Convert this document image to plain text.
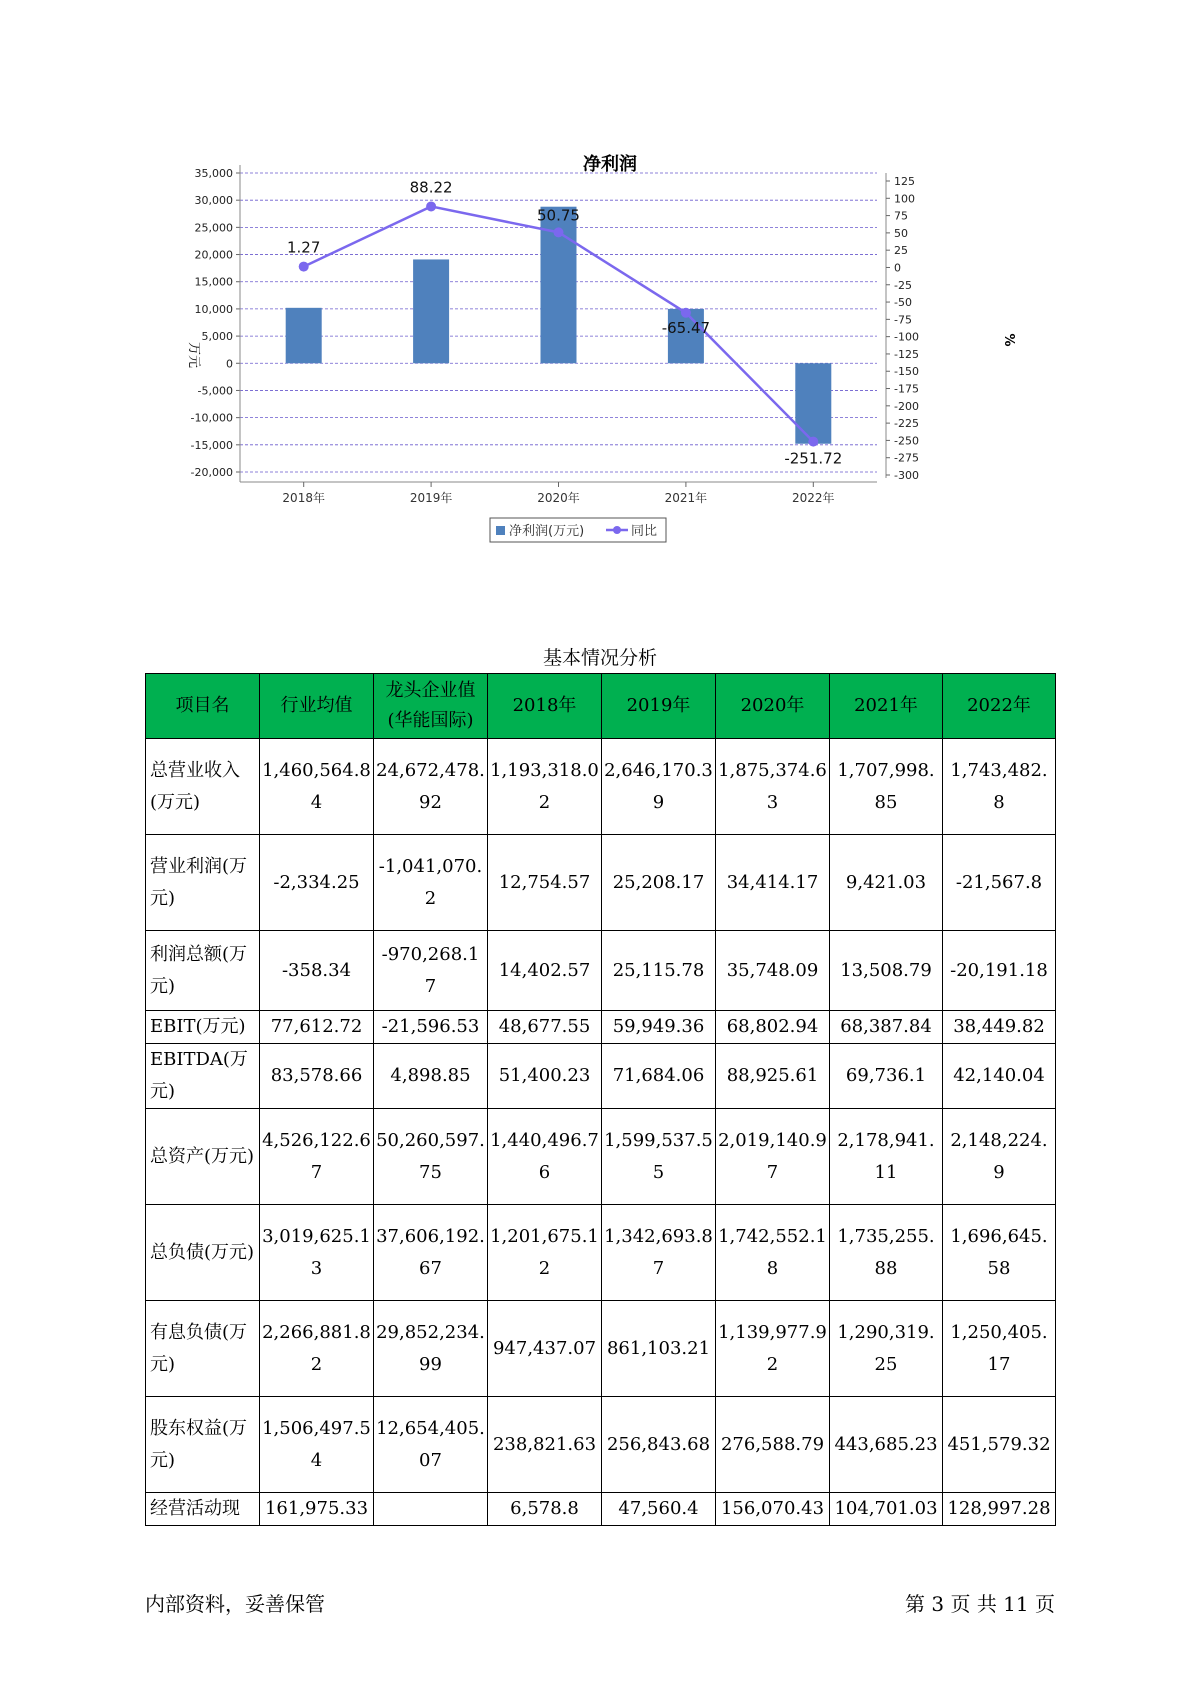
净利润
35,000
30,000
25,000
20,000
15,000
10,000
5,000
0
-5,000
-10,000
-15,000
-20,000
125
100
75
50
25
0
-25
-50
-75
-100
-125
-150
-175
-200
-225
-250
-275
-300
2018年	2019年	2020年	2021年	2022年
1.27
88.22
50.75
-65.47
-251.72
万元
%
净利润(万元)	同比
基本情况分析
项目名	行业均值	龙头企业值(华能国际)	2018年	2019年	2020年	2021年	2022年
总营业收入(万元)	1,460,564.84	24,672,478.92	1,193,318.02	2,646,170.39	1,875,374.63	1,707,998.85	1,743,482.8
营业利润(万元)	-2,334.25	-1,041,070.2	12,754.57	25,208.17	34,414.17	9,421.03	-21,567.8
利润总额(万元)	-358.34	-970,268.17	14,402.57	25,115.78	35,748.09	13,508.79	-20,191.18
EBIT(万元)	77,612.72	-21,596.53	48,677.55	59,949.36	68,802.94	68,387.84	38,449.82
EBITDA(万元)	83,578.66	4,898.85	51,400.23	71,684.06	88,925.61	69,736.1	42,140.04
总资产(万元)	4,526,122.67	50,260,597.75	1,440,496.76	1,599,537.55	2,019,140.97	2,178,941.11	2,148,224.9
总负债(万元)	3,019,625.13	37,606,192.67	1,201,675.12	1,342,693.87	1,742,552.18	1,735,255.88	1,696,645.58
有息负债(万元)	2,266,881.82	29,852,234.99	947,437.07	861,103.21	1,139,977.92	1,290,319.25	1,250,405.17
股东权益(万元)	1,506,497.54	12,654,405.07	238,821.63	256,843.68	276,588.79	443,685.23	451,579.32
经营活动现	161,975.33		6,578.8	47,560.4	156,070.43	104,701.03	128,997.28
内部资料，妥善保管	第 3 页 共 11 页
